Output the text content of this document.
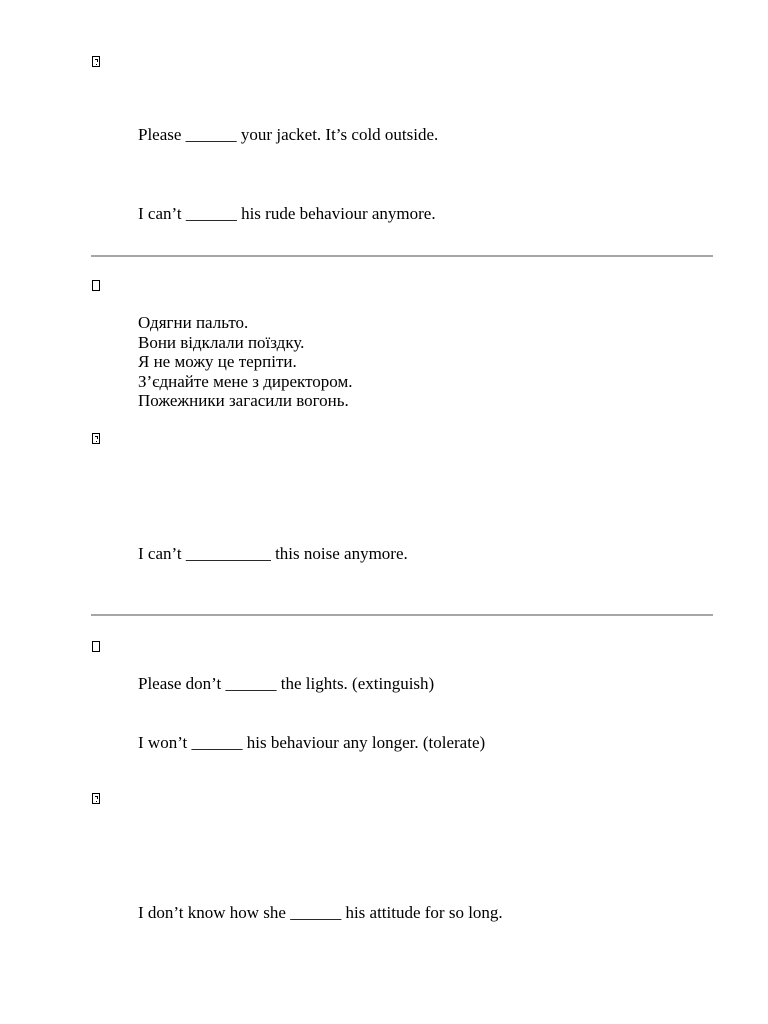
Please ______ your jacket. It’s cold outside.
I can’t ______ his rude behaviour anymore.
Одягни пальто.
Вони відклали поїздку.
Я не можу це терпіти.
З’єднайте мене з директором.
Пожежники загасили вогонь.
I can’t __________ this noise anymore.
Please don’t ______ the lights. (extinguish)
I won’t ______ his behaviour any longer. (tolerate)
I don’t know how she ______ his attitude for so long.
